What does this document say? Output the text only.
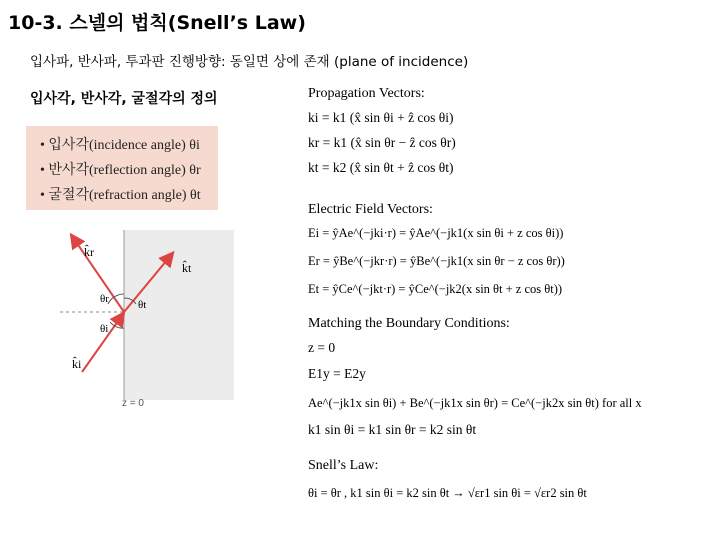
10-3. 스넬의 법칙(Snell’s Law)
입사파, 반사파, 투과판 진행방향: 동일면 상에 존재 (plane of incidence)
입사각, 반사각, 굴절각의 정의
• 입사각(incidence angle) θi
• 반사각(reflection angle) θr
• 굴절각(refraction angle) θt
k̂r
k̂t
k̂i
θr
θi
θt
z = 0
Propagation Vectors:
ki = k1 (x̂ sin θi + ẑ cos θi)
kr = k1 (x̂ sin θr − ẑ cos θr)
kt = k2 (x̂ sin θt + ẑ cos θt)
Electric Field Vectors:
Ei = ŷAe^(−jki·r) = ŷAe^(−jk1(x sin θi + z cos θi))
Er = ŷBe^(−jkr·r) = ŷBe^(−jk1(x sin θr − z cos θr))
Et = ŷCe^(−jkt·r) = ŷCe^(−jk2(x sin θt + z cos θt))
Matching the Boundary Conditions:
z = 0
E1y = E2y
Ae^(−jk1x sin θi) + Be^(−jk1x sin θr) = Ce^(−jk2x sin θt) for all x
k1 sin θi = k1 sin θr = k2 sin θt
Snell’s Law:
θi = θr , k1 sin θi = k2 sin θt → √εr1 sin θi = √εr2 sin θt
